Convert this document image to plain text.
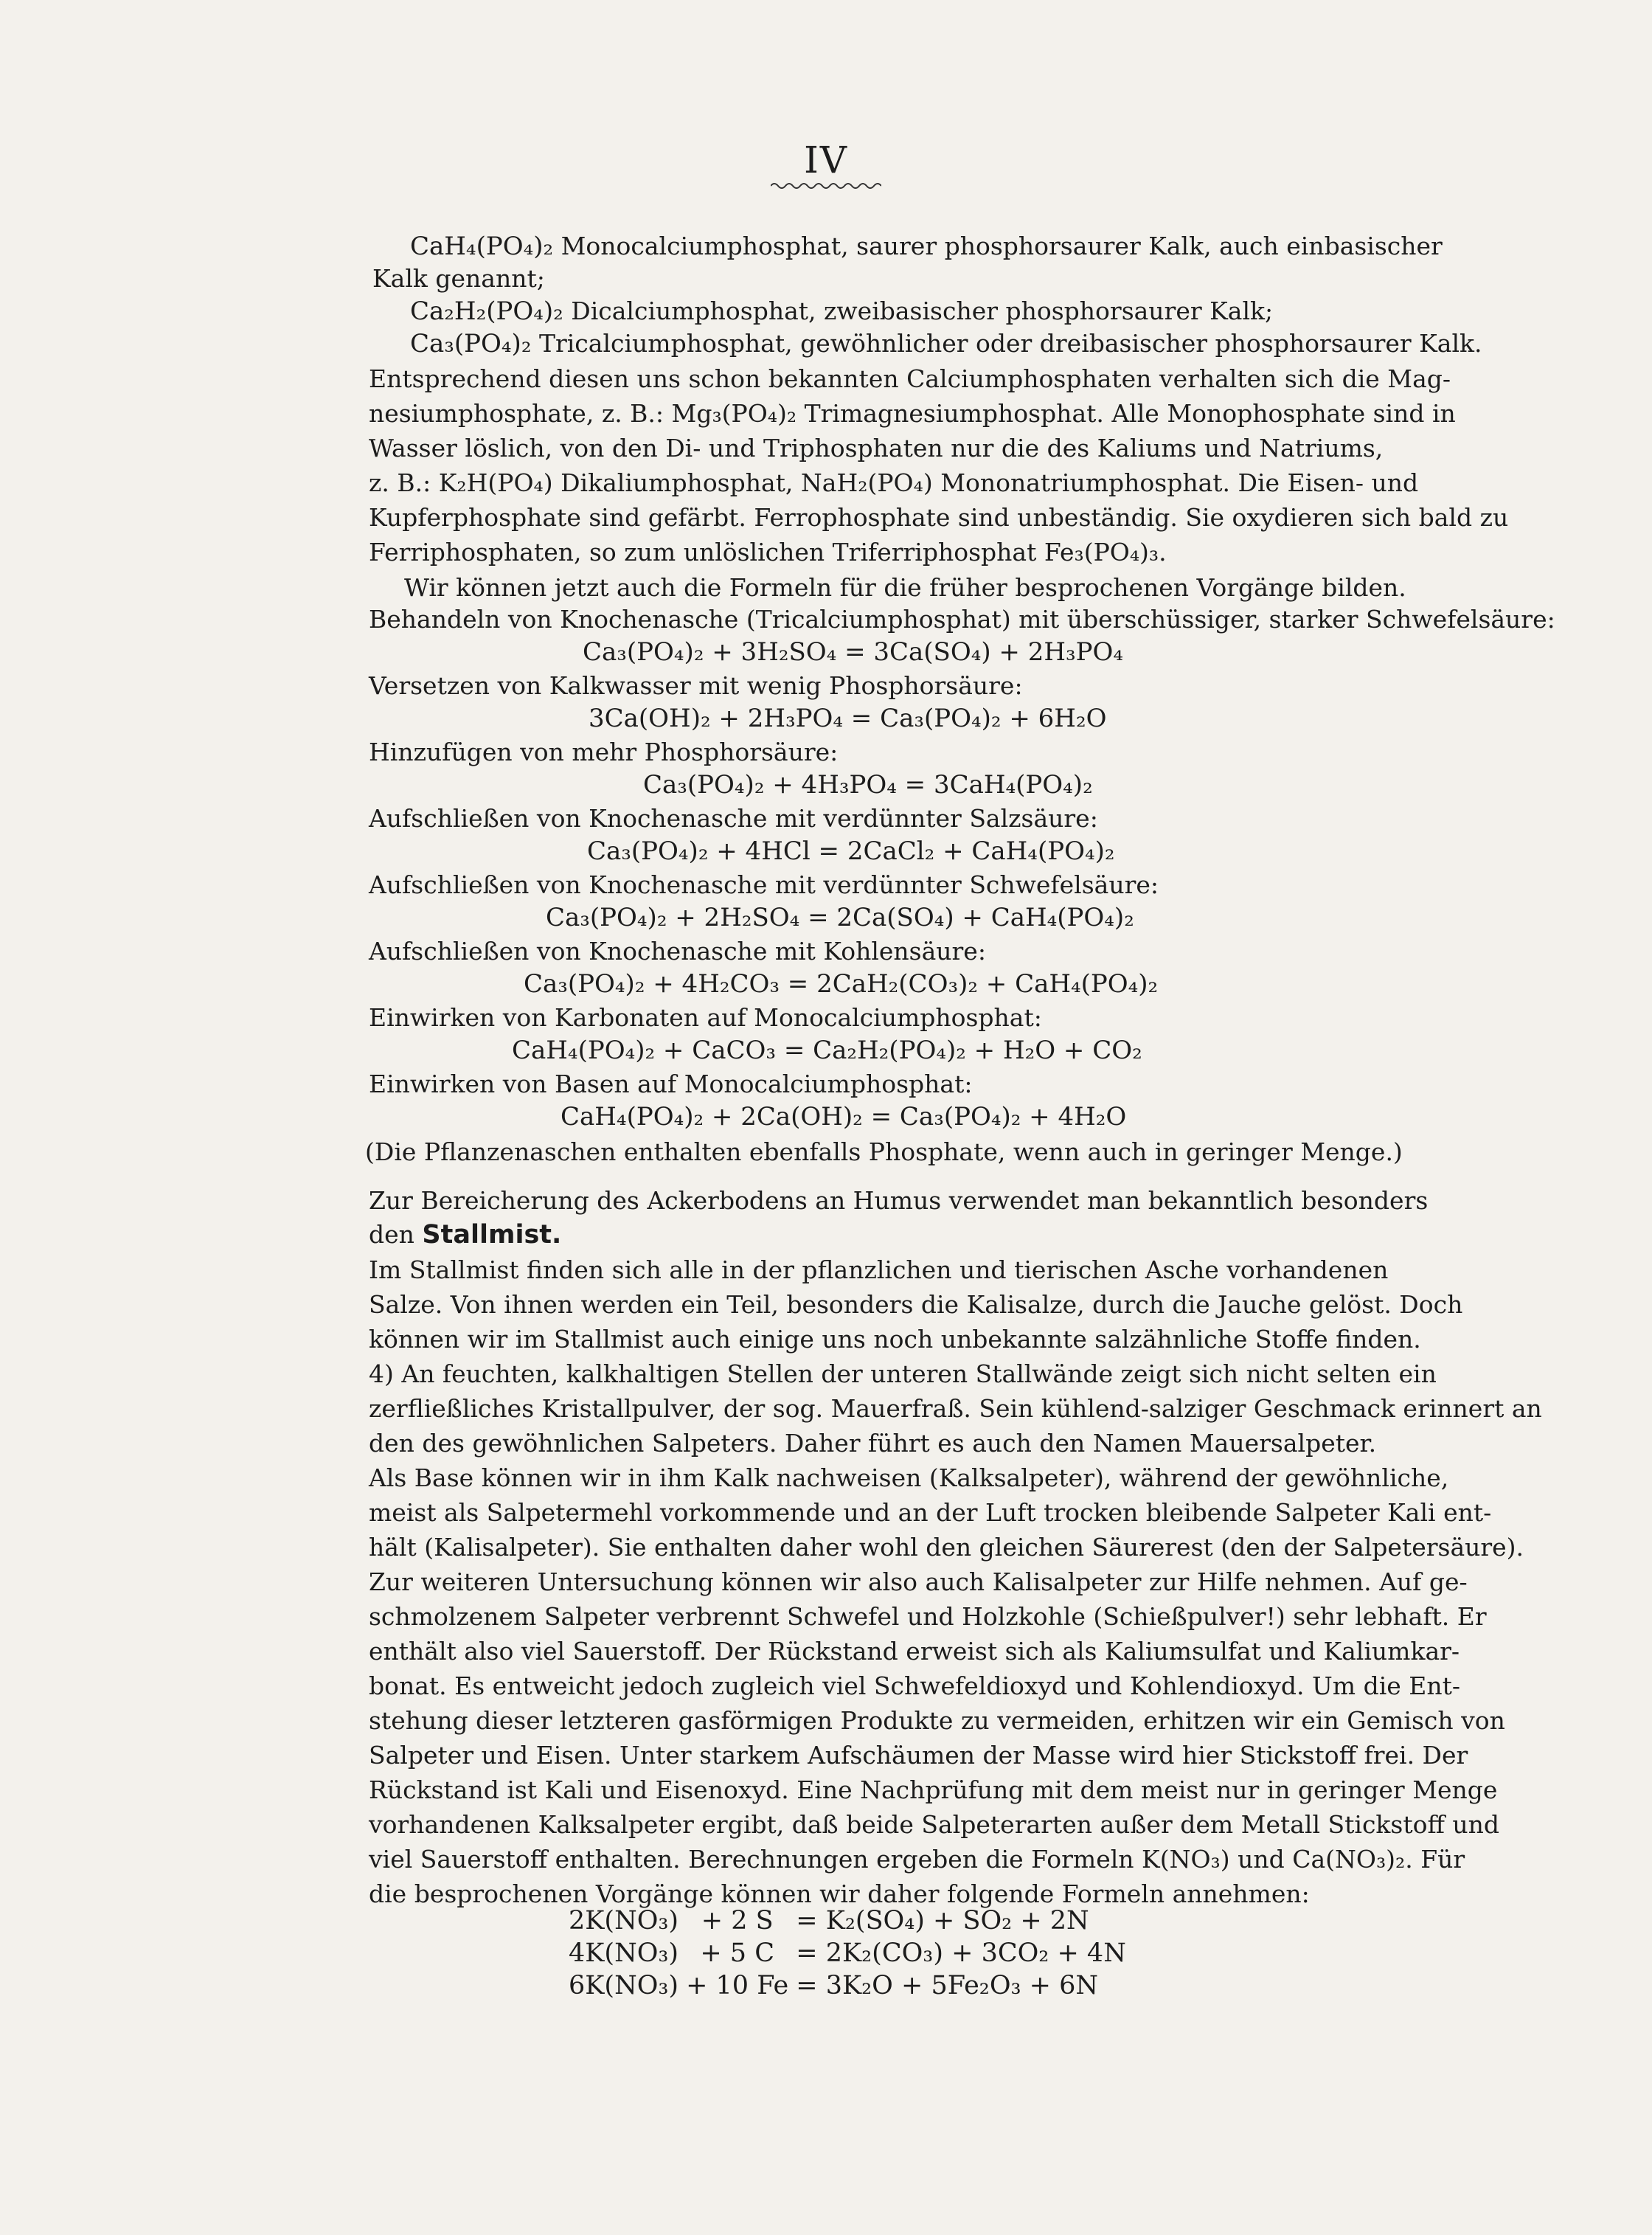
IV
CaH₄(PO₄)₂ Monocalciumphosphat, saurer phosphorsaurer Kalk, auch einbasischer
Kalk genannt;
Ca₂H₂(PO₄)₂ Dicalciumphosphat, zweibasischer phosphorsaurer Kalk;
Ca₃(PO₄)₂ Tricalciumphosphat, gewöhnlicher oder dreibasischer phosphorsaurer Kalk.
Entsprechend diesen uns schon bekannten Calciumphosphaten verhalten sich die Mag-
nesiumphosphate, z. B.: Mg₃(PO₄)₂ Trimagnesiumphosphat. Alle Monophosphate sind in
Wasser löslich, von den Di- und Triphosphaten nur die des Kaliums und Natriums,
z. B.: K₂H(PO₄) Dikaliumphosphat, NaH₂(PO₄) Mononatriumphosphat. Die Eisen- und
Kupferphosphate sind gefärbt. Ferrophosphate sind unbeständig. Sie oxydieren sich bald zu
Ferriphosphaten, so zum unlöslichen Triferriphosphat Fe₃(PO₄)₃.
Wir können jetzt auch die Formeln für die früher besprochenen Vorgänge bilden.
Behandeln von Knochenasche (Tricalciumphosphat) mit überschüssiger, starker Schwefelsäure:
Ca₃(PO₄)₂ + 3H₂SO₄ = 3Ca(SO₄) + 2H₃PO₄
Versetzen von Kalkwasser mit wenig Phosphorsäure:
3Ca(OH)₂ + 2H₃PO₄ = Ca₃(PO₄)₂ + 6H₂O
Hinzufügen von mehr Phosphorsäure:
Ca₃(PO₄)₂ + 4H₃PO₄ = 3CaH₄(PO₄)₂
Aufschließen von Knochenasche mit verdünnter Salzsäure:
Ca₃(PO₄)₂ + 4HCl = 2CaCl₂ + CaH₄(PO₄)₂
Aufschließen von Knochenasche mit verdünnter Schwefelsäure:
Ca₃(PO₄)₂ + 2H₂SO₄ = 2Ca(SO₄) + CaH₄(PO₄)₂
Aufschließen von Knochenasche mit Kohlensäure:
Ca₃(PO₄)₂ + 4H₂CO₃ = 2CaH₂(CO₃)₂ + CaH₄(PO₄)₂
Einwirken von Karbonaten auf Monocalciumphosphat:
CaH₄(PO₄)₂ + CaCO₃ = Ca₂H₂(PO₄)₂ + H₂O + CO₂
Einwirken von Basen auf Monocalciumphosphat:
CaH₄(PO₄)₂ + 2Ca(OH)₂ = Ca₃(PO₄)₂ + 4H₂O
(Die Pflanzenaschen enthalten ebenfalls Phosphate, wenn auch in geringer Menge.)
Zur Bereicherung des Ackerbodens an Humus verwendet man bekanntlich besonders
den Stallmist.
Im Stallmist finden sich alle in der pflanzlichen und tierischen Asche vorhandenen
Salze. Von ihnen werden ein Teil, besonders die Kalisalze, durch die Jauche gelöst. Doch
können wir im Stallmist auch einige uns noch unbekannte salzähnliche Stoffe finden.
4) An feuchten, kalkhaltigen Stellen der unteren Stallwände zeigt sich nicht selten ein
zerfließliches Kristallpulver, der sog. Mauerfraß. Sein kühlend-salziger Geschmack erinnert an
den des gewöhnlichen Salpeters. Daher führt es auch den Namen Mauersalpeter.
Als Base können wir in ihm Kalk nachweisen (Kalksalpeter), während der gewöhnliche,
meist als Salpetermehl vorkommende und an der Luft trocken bleibende Salpeter Kali ent-
hält (Kalisalpeter). Sie enthalten daher wohl den gleichen Säurerest (den der Salpetersäure).
Zur weiteren Untersuchung können wir also auch Kalisalpeter zur Hilfe nehmen. Auf ge-
schmolzenem Salpeter verbrennt Schwefel und Holzkohle (Schießpulver!) sehr lebhaft. Er
enthält also viel Sauerstoff. Der Rückstand erweist sich als Kaliumsulfat und Kaliumkar-
bonat. Es entweicht jedoch zugleich viel Schwefeldioxyd und Kohlendioxyd. Um die Ent-
stehung dieser letzteren gasförmigen Produkte zu vermeiden, erhitzen wir ein Gemisch von
Salpeter und Eisen. Unter starkem Aufschäumen der Masse wird hier Stickstoff frei. Der
Rückstand ist Kali und Eisenoxyd. Eine Nachprüfung mit dem meist nur in geringer Menge
vorhandenen Kalksalpeter ergibt, daß beide Salpeterarten außer dem Metall Stickstoff und
viel Sauerstoff enthalten. Berechnungen ergeben die Formeln K(NO₃) und Ca(NO₃)₂. Für
die besprochenen Vorgänge können wir daher folgende Formeln annehmen:
2K(NO₃)	+ 2 S	= K₂(SO₄) + SO₂ + 2N
4K(NO₃)	+ 5 C	= 2K₂(CO₃) + 3CO₂ + 4N
6K(NO₃)	+ 10 Fe	= 3K₂O + 5Fe₂O₃ + 6N
